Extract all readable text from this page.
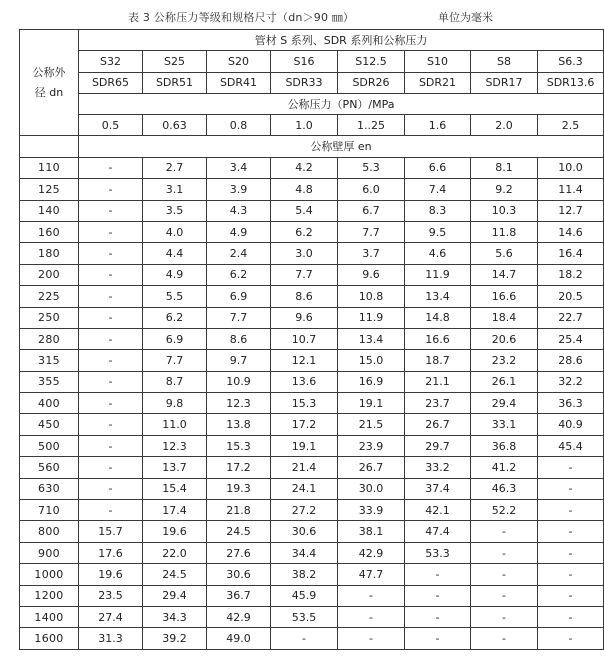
表 3 公称压力等级和规格尺寸（dn＞90 ㎜）	单位为毫米
公称外
径 dn	管材 S 系列、SDR 系列和公称压力							
	S32	S25	S20	S16	S12.5	S10	S8	S6.3
	SDR65	SDR51	SDR41	SDR33	SDR26	SDR21	SDR17	SDR13.6
	公称压力（PN）/MPa							
	0.5	0.63	0.8	1.0	1..25	1.6	2.0	2.5
	公称壁厚 en							
110	-	2.7	3.4	4.2	5.3	6.6	8.1	10.0
125	-	3.1	3.9	4.8	6.0	7.4	9.2	11.4
140	-	3.5	4.3	5.4	6.7	8.3	10.3	12.7
160	-	4.0	4.9	6.2	7.7	9.5	11.8	14.6
180	-	4.4	2.4	3.0	3.7	4.6	5.6	16.4
200	-	4.9	6.2	7.7	9.6	11.9	14.7	18.2
225	-	5.5	6.9	8.6	10.8	13.4	16.6	20.5
250	-	6.2	7.7	9.6	11.9	14.8	18.4	22.7
280	-	6.9	8.6	10.7	13.4	16.6	20.6	25.4
315	-	7.7	9.7	12.1	15.0	18.7	23.2	28.6
355	-	8.7	10.9	13.6	16.9	21.1	26.1	32.2
400	-	9.8	12.3	15.3	19.1	23.7	29.4	36.3
450	-	11.0	13.8	17.2	21.5	26.7	33.1	40.9
500	-	12.3	15.3	19.1	23.9	29.7	36.8	45.4
560	-	13.7	17.2	21.4	26.7	33.2	41.2	-
630	-	15.4	19.3	24.1	30.0	37.4	46.3	-
710	-	17.4	21.8	27.2	33.9	42.1	52.2	-
800	15.7	19.6	24.5	30.6	38.1	47.4	-	-
900	17.6	22.0	27.6	34.4	42.9	53.3	-	-
1000	19.6	24.5	30.6	38.2	47.7	-	-	-
1200	23.5	29.4	36.7	45.9	-	-	-	-
1400	27.4	34.3	42.9	53.5	-	-	-	-
1600	31.3	39.2	49.0	-	-	-	-	-
